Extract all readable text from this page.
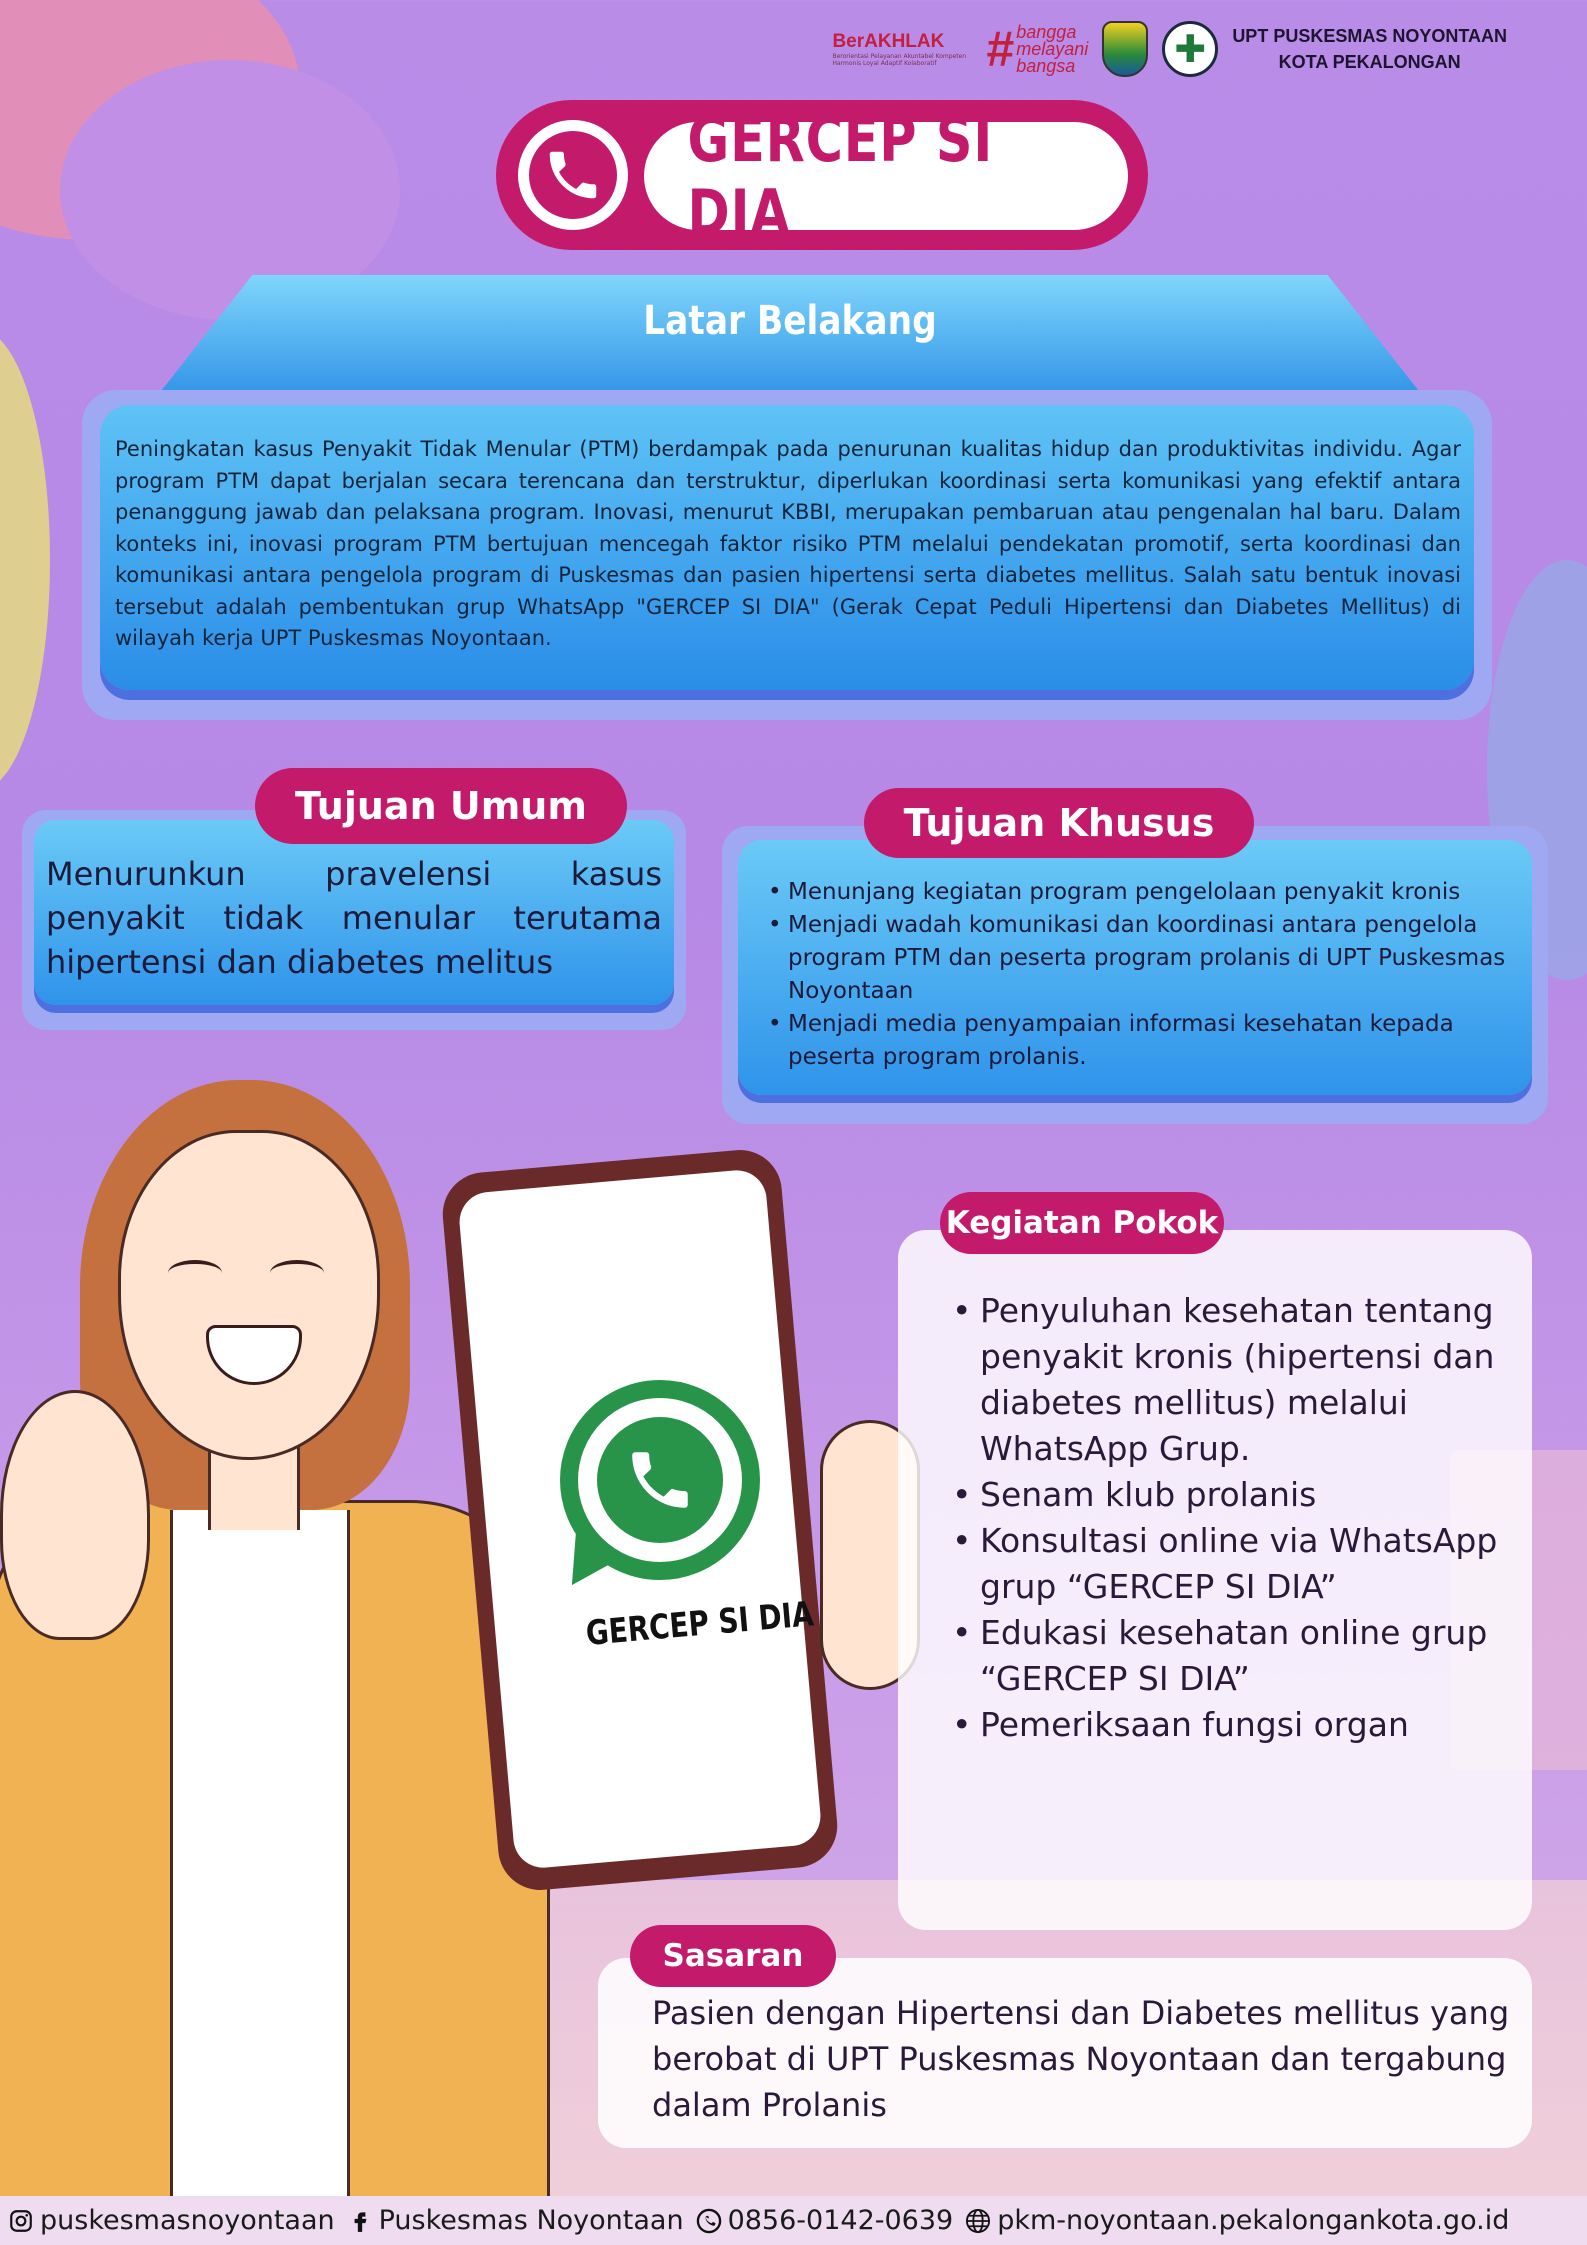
BerAKHLAK
Berorientasi Pelayanan Akuntabel Kompeten Harmonis Loyal Adaptif Kolaboratif # bangga
melayani
bangsa	✚ UPT PUSKESMAS NOYONTAAN
KOTA PEKALONGAN
GERCEP SI DIA
Latar Belakang
Peningkatan kasus Penyakit Tidak Menular (PTM) berdampak pada penurunan kualitas hidup dan produktivitas individu. Agar program PTM dapat berjalan secara terencana dan terstruktur, diperlukan koordinasi serta komunikasi yang efektif antara penanggung jawab dan pelaksana program. Inovasi, menurut KBBI, merupakan pembaruan atau pengenalan hal baru. Dalam konteks ini, inovasi program PTM bertujuan mencegah faktor risiko PTM melalui pendekatan promotif, serta koordinasi dan komunikasi antara pengelola program di Puskesmas dan pasien hipertensi serta diabetes mellitus. Salah satu bentuk inovasi tersebut adalah pembentukan grup WhatsApp "GERCEP SI DIA" (Gerak Cepat Peduli Hipertensi dan Diabetes Mellitus) di wilayah kerja UPT Puskesmas Noyontaan.
Tujuan Umum
Menurunkun pravelensi kasus penyakit tidak menular terutama hipertensi dan diabetes melitus
Tujuan Khusus
• Menunjang kegiatan program pengelolaan penyakit kronis
• Menjadi wadah komunikasi dan koordinasi antara pengelola program PTM dan peserta program prolanis di UPT Puskesmas Noyontaan
• Menjadi media penyampaian informasi kesehatan kepada peserta program prolanis.
GERCEP SI DIA
Kegiatan Pokok
• Penyuluhan kesehatan tentang penyakit kronis (hipertensi dan diabetes mellitus) melalui WhatsApp Grup.
• Senam klub prolanis
• Konsultasi online via WhatsApp grup “GERCEP SI DIA”
• Edukasi kesehatan online grup “GERCEP SI DIA”
• Pemeriksaan fungsi organ
Sasaran
Pasien dengan Hipertensi dan Diabetes mellitus yang berobat di UPT Puskesmas Noyontaan dan tergabung dalam Prolanis
puskesmasnoyontaan Puskesmas Noyontaan 0856-0142-0639 pkm-noyontaan.pekalongankota.go.id
